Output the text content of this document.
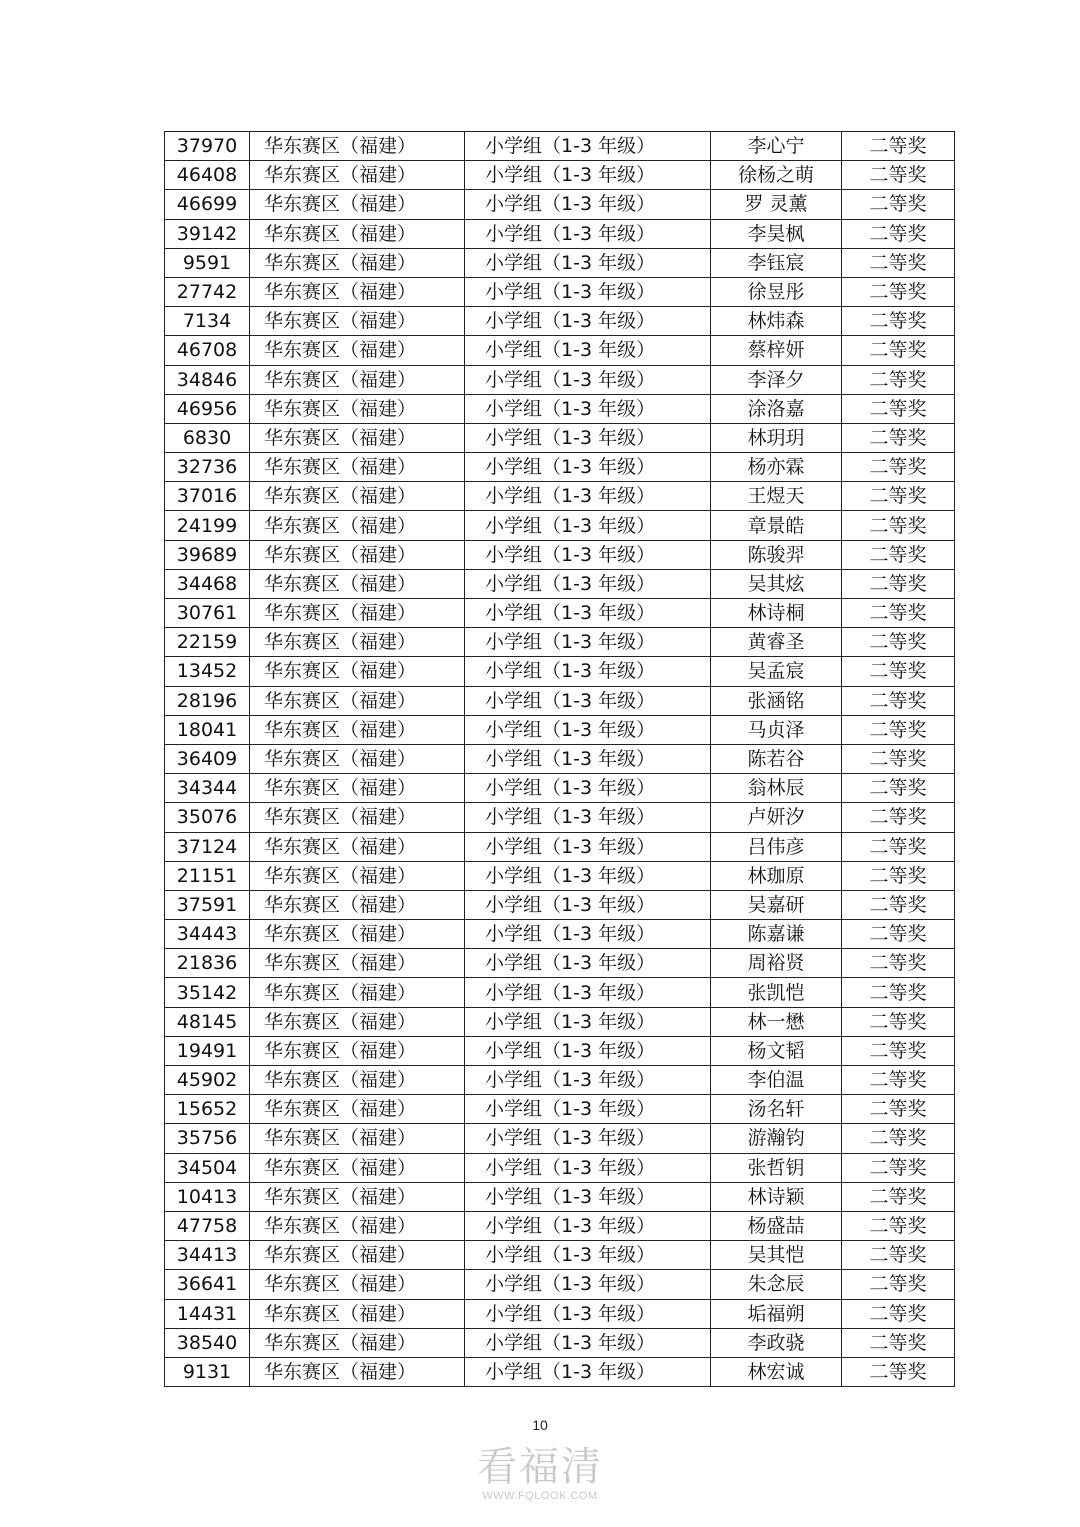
37970	华东赛区（福建）	小学组（1-3 年级）	李心宁	二等奖
46408	华东赛区（福建）	小学组（1-3 年级）	徐杨之萌	二等奖
46699	华东赛区（福建）	小学组（1-3 年级）	罗 灵薰	二等奖
39142	华东赛区（福建）	小学组（1-3 年级）	李昊枫	二等奖
9591	华东赛区（福建）	小学组（1-3 年级）	李钰宸	二等奖
27742	华东赛区（福建）	小学组（1-3 年级）	徐昱彤	二等奖
7134	华东赛区（福建）	小学组（1-3 年级）	林炜森	二等奖
46708	华东赛区（福建）	小学组（1-3 年级）	蔡梓妍	二等奖
34846	华东赛区（福建）	小学组（1-3 年级）	李泽夕	二等奖
46956	华东赛区（福建）	小学组（1-3 年级）	涂洛嘉	二等奖
6830	华东赛区（福建）	小学组（1-3 年级）	林玥玥	二等奖
32736	华东赛区（福建）	小学组（1-3 年级）	杨亦霖	二等奖
37016	华东赛区（福建）	小学组（1-3 年级）	王煜天	二等奖
24199	华东赛区（福建）	小学组（1-3 年级）	章景皓	二等奖
39689	华东赛区（福建）	小学组（1-3 年级）	陈骏羿	二等奖
34468	华东赛区（福建）	小学组（1-3 年级）	吴其炫	二等奖
30761	华东赛区（福建）	小学组（1-3 年级）	林诗桐	二等奖
22159	华东赛区（福建）	小学组（1-3 年级）	黄睿圣	二等奖
13452	华东赛区（福建）	小学组（1-3 年级）	吴孟宸	二等奖
28196	华东赛区（福建）	小学组（1-3 年级）	张涵铭	二等奖
18041	华东赛区（福建）	小学组（1-3 年级）	马贞泽	二等奖
36409	华东赛区（福建）	小学组（1-3 年级）	陈若谷	二等奖
34344	华东赛区（福建）	小学组（1-3 年级）	翁林辰	二等奖
35076	华东赛区（福建）	小学组（1-3 年级）	卢妍汐	二等奖
37124	华东赛区（福建）	小学组（1-3 年级）	吕伟彦	二等奖
21151	华东赛区（福建）	小学组（1-3 年级）	林珈原	二等奖
37591	华东赛区（福建）	小学组（1-3 年级）	吴嘉研	二等奖
34443	华东赛区（福建）	小学组（1-3 年级）	陈嘉谦	二等奖
21836	华东赛区（福建）	小学组（1-3 年级）	周裕贤	二等奖
35142	华东赛区（福建）	小学组（1-3 年级）	张凯恺	二等奖
48145	华东赛区（福建）	小学组（1-3 年级）	林一懋	二等奖
19491	华东赛区（福建）	小学组（1-3 年级）	杨文韬	二等奖
45902	华东赛区（福建）	小学组（1-3 年级）	李伯温	二等奖
15652	华东赛区（福建）	小学组（1-3 年级）	汤名轩	二等奖
35756	华东赛区（福建）	小学组（1-3 年级）	游瀚钧	二等奖
34504	华东赛区（福建）	小学组（1-3 年级）	张哲钥	二等奖
10413	华东赛区（福建）	小学组（1-3 年级）	林诗颖	二等奖
47758	华东赛区（福建）	小学组（1-3 年级）	杨盛喆	二等奖
34413	华东赛区（福建）	小学组（1-3 年级）	吴其恺	二等奖
36641	华东赛区（福建）	小学组（1-3 年级）	朱念辰	二等奖
14431	华东赛区（福建）	小学组（1-3 年级）	垢福朔	二等奖
38540	华东赛区（福建）	小学组（1-3 年级）	李政骁	二等奖
9131	华东赛区（福建）	小学组（1-3 年级）	林宏诚	二等奖
10
看福清
WWW.FQLOOK.COM
